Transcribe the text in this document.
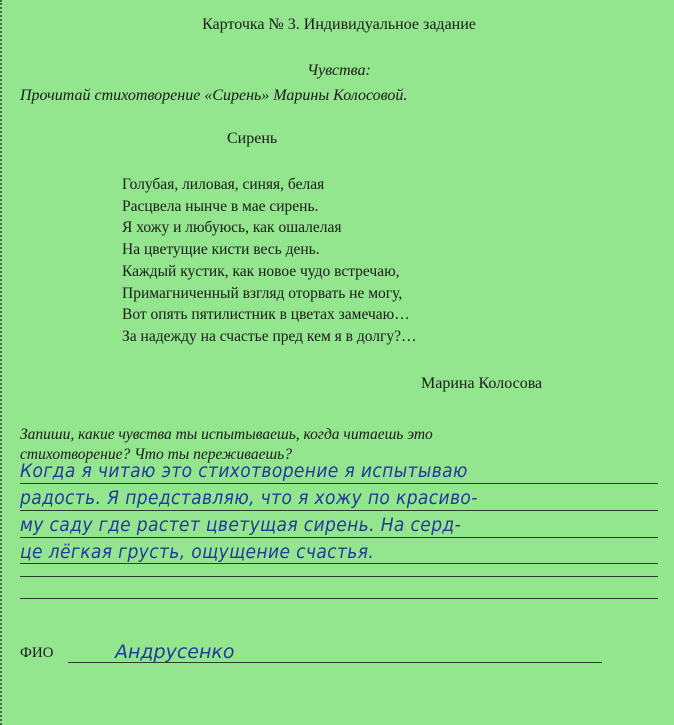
Карточка № 3. Индивидуальное задание
Чувства:
Прочитай стихотворение «Сирень» Марины Колосовой.
Сирень
Голубая, лиловая, синяя, белая
Расцвела нынче в мае сирень.
Я хожу и любуюсь, как ошалелая
На цветущие кисти весь день.
Каждый кустик, как новое чудо встречаю,
Примагниченный взгляд оторвать не могу,
Вот опять пятилистник в цветах замечаю…
За надежду на счастье пред кем я в долгу?…
Марина Колосова
Запиши, какие чувства ты испытываешь, когда читаешь это
стихотворение? Что ты переживаешь?
Когда я читаю это стихотворение я испытываю
радость. Я представляю, что я хожу по красиво-
му саду где растет цветущая сирень. На серд-
це лёгкая грусть, ощущение счастья.
ФИО	Андрусенко
